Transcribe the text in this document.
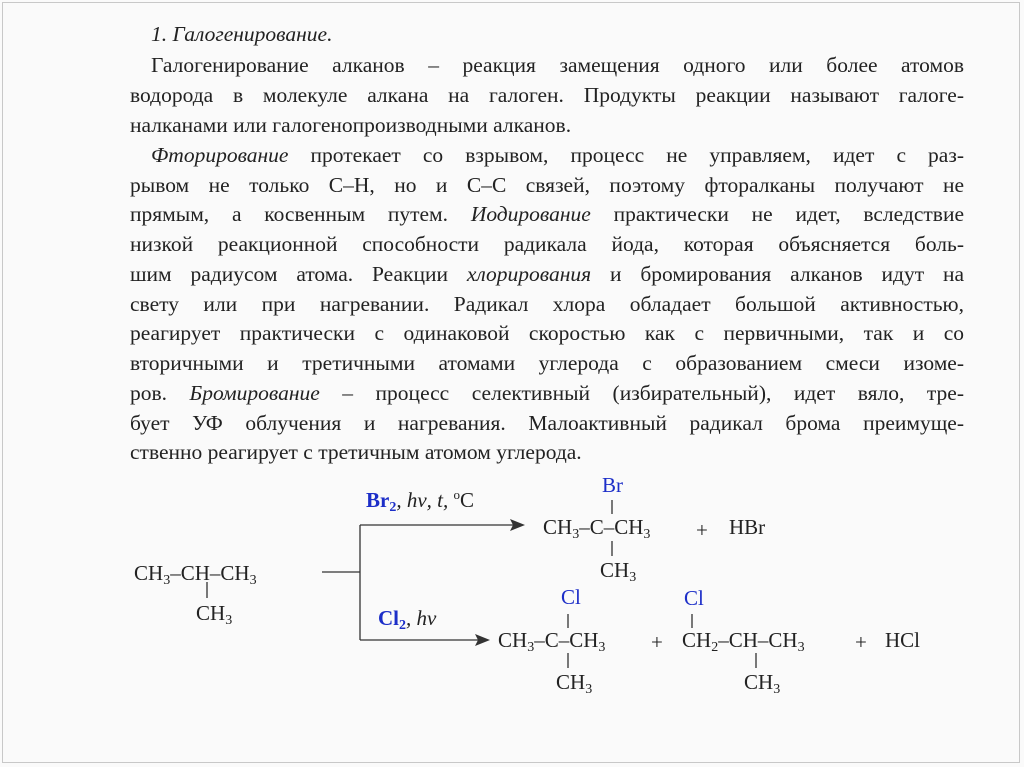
1. Галогенирование.
Галогенирование алканов – реакция замещения одного или более атомов
водорода в молекуле алкана на галоген. Продукты реакции называют галоге-
налканами или галогенопроизводными алканов.
Фторирование протекает со взрывом, процесс не управляем, идет с раз-
рывом не только C–H, но и C–C связей, поэтому фторалканы получают не
прямым, а косвенным путем. Иодирование практически не идет, вследствие
низкой реакционной способности радикала йода, которая объясняется боль-
шим радиусом атома. Реакции хлорирования и бромирования алканов идут на
свету или при нагревании. Радикал хлора обладает большой активностью,
реагирует практически с одинаковой скоростью как с первичными, так и со
вторичными и третичными атомами углерода с образованием смеси изоме-
ров. Бромирование – процесс селективный (избирательный), идет вяло, тре-
бует УФ облучения и нагревания. Малоактивный радикал брома преимуще-
ственно реагирует с третичным атомом углерода.
$CH_3-CH-CH_3$
$CH_3$
$Br_2$, hν, t, $^o$C
$Cl_2$, hν
Br
$CH_3-C-CH_3$ + HBr
$CH_3$
Cl	Cl
$CH_3-C-CH_3 + CH_2-CH-CH_3$ + HCl
$CH_3$	$CH_3$
